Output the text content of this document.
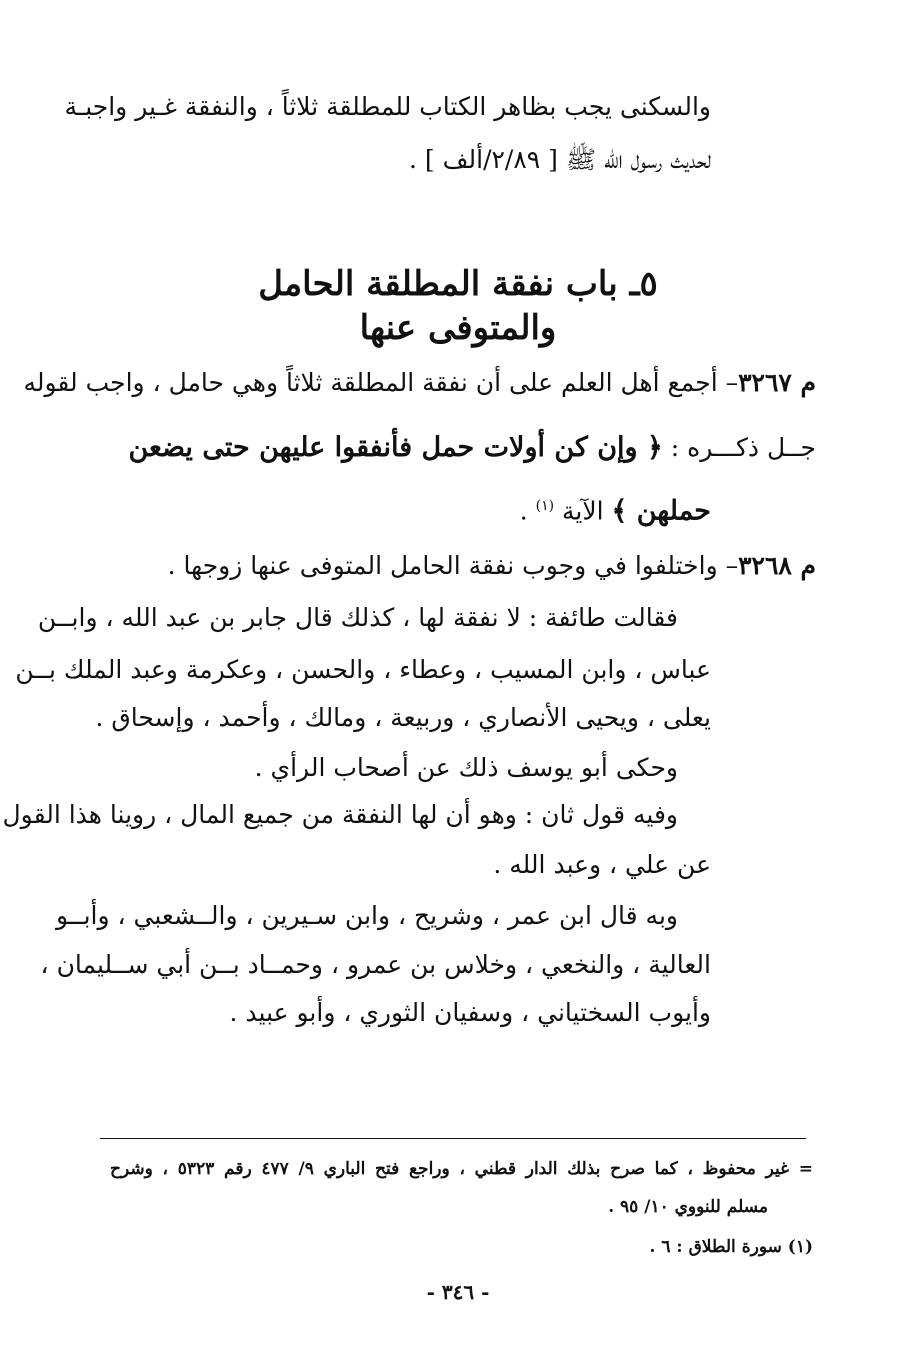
والسكنى يجب بظاهر الكتاب للمطلقة ثلاثاً ، والنفقة غـير واجبـة
لحديث رسول الله ﷺ [ ٢/٨٩/ألف ] .
٥ـ باب نفقة المطلقة الحامل والمتوفى عنها
م ٣٢٦٧– أجمع أهل العلم على أن نفقة المطلقة ثلاثاً وهي حامل ، واجب لقوله
جــل ذكـــره : ﴿ وإن كن أولات حمل فأنفقوا عليهن حتى يضعن
حملهن ﴾ الآية $^{(١)}$ .
م ٣٢٦٨– واختلفوا في وجوب نفقة الحامل المتوفى عنها زوجها .
فقالت طائفة : لا نفقة لها ، كذلك قال جابر بن عبد الله ، وابــن
عباس ، وابن المسيب ، وعطاء ، والحسن ، وعكرمة وعبد الملك بــن
يعلى ، ويحيى الأنصاري ، وربيعة ، ومالك ، وأحمد ، وإسحاق .
وحكى أبو يوسف ذلك عن أصحاب الرأي .
وفيه قول ثان : وهو أن لها النفقة من جميع المال ، روينا هذا القول
عن علي ، وعبد الله .
وبه قال ابن عمر ، وشريح ، وابن سـيرين ، والــشعبي ، وأبــو
العالية ، والنخعي ، وخلاس بن عمرو ، وحمــاد بــن أبي ســليمان ،
وأيوب السختياني ، وسفيان الثوري ، وأبو عبيد .
= غير محفوظ ، كما صرح بذلك الدار قطني ، وراجع فتح الباري ٩/ ٤٧٧ رقم ٥٣٢٣ ، وشرح
مسلم للنووي ١٠/ ٩٥ .
(١) سورة الطلاق : ٦ .
- ٣٤٦ -
